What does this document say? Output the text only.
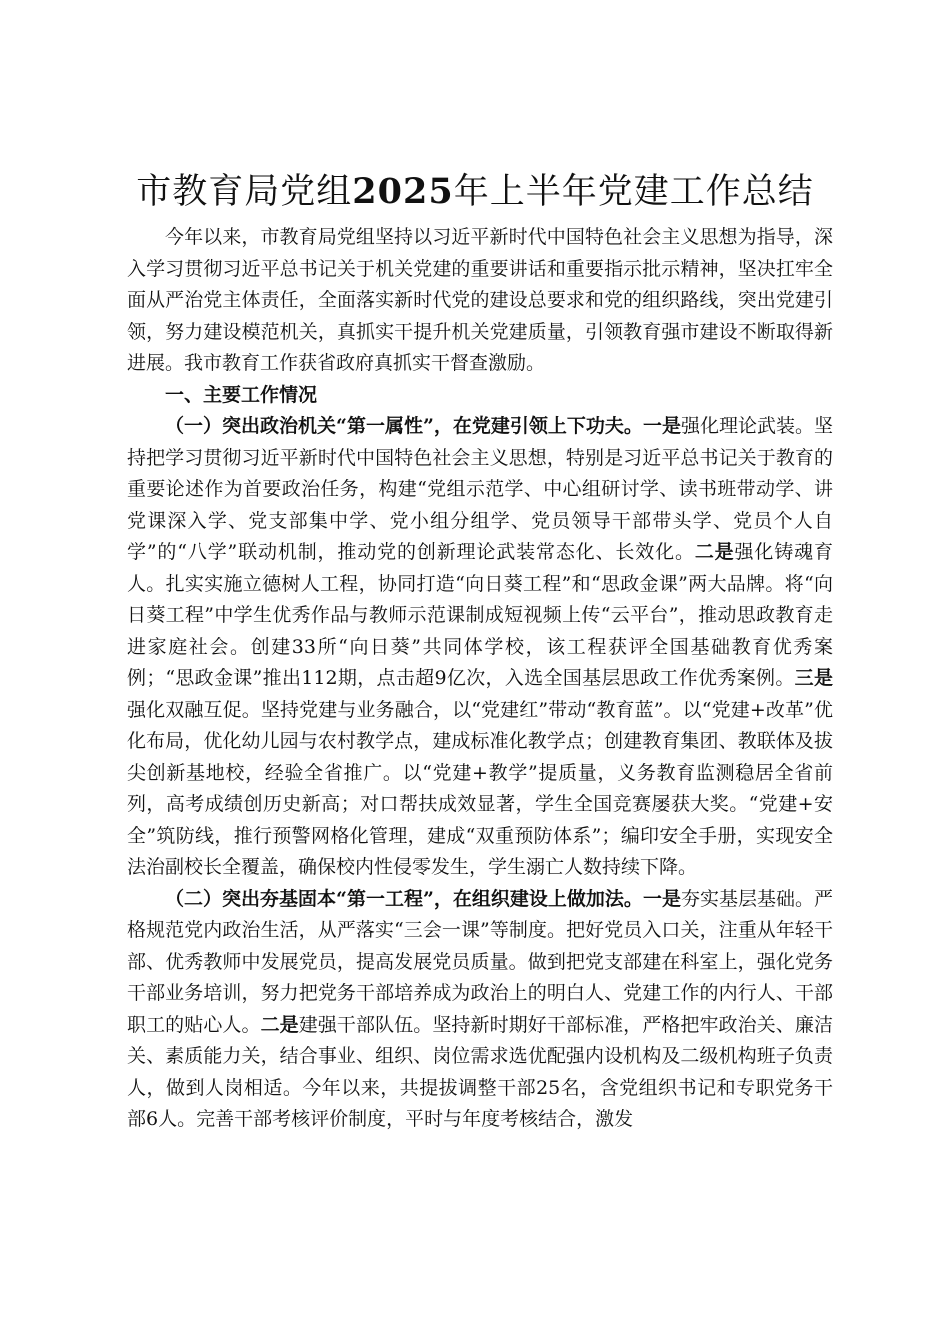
市教育局党组2025年上半年党建工作总结

今年以来，市教育局党组坚持以习近平新时代中国特色社会主义思想为指导，深入学习贯彻习近平总书记关于机关党建的重要讲话和重要指示批示精神，坚决扛牢全面从严治党主体责任，全面落实新时代党的建设总要求和党的组织路线，突出党建引领，努力建设模范机关，真抓实干提升机关党建质量，引领教育强市建设不断取得新进展。我市教育工作获省政府真抓实干督查激励。

一、主要工作情况

（一）突出政治机关“第一属性”，在党建引领上下功夫。一是强化理论武装。坚持把学习贯彻习近平新时代中国特色社会主义思想，特别是习近平总书记关于教育的重要论述作为首要政治任务，构建“党组示范学、中心组研讨学、读书班带动学、讲党课深入学、党支部集中学、党小组分组学、党员领导干部带头学、党员个人自学”的“八学”联动机制，推动党的创新理论武装常态化、长效化。二是强化铸魂育人。扎实实施立德树人工程，协同打造“向日葵工程”和“思政金课”两大品牌。将“向日葵工程”中学生优秀作品与教师示范课制成短视频上传“云平台”，推动思政教育走进家庭社会。创建33所“向日葵”共同体学校，该工程获评全国基础教育优秀案例；“思政金课”推出112期，点击超9亿次，入选全国基层思政工作优秀案例。三是强化双融互促。坚持党建与业务融合，以“党建红”带动“教育蓝”。以“党建+改革”优化布局，优化幼儿园与农村教学点，建成标准化教学点；创建教育集团、教联体及拔尖创新基地校，经验全省推广。以“党建+教学”提质量，义务教育监测稳居全省前列，高考成绩创历史新高；对口帮扶成效显著，学生全国竞赛屡获大奖。“党建+安全”筑防线，推行预警网格化管理，建成“双重预防体系”；编印安全手册，实现安全法治副校长全覆盖，确保校内性侵零发生，学生溺亡人数持续下降。

（二）突出夯基固本“第一工程”，在组织建设上做加法。一是夯实基层基础。严格规范党内政治生活，从严落实“三会一课”等制度。把好党员入口关，注重从年轻干部、优秀教师中发展党员，提高发展党员质量。做到把党支部建在科室上，强化党务干部业务培训，努力把党务干部培养成为政治上的明白人、党建工作的内行人、干部职工的贴心人。二是建强干部队伍。坚持新时期好干部标准，严格把牢政治关、廉洁关、素质能力关，结合事业、组织、岗位需求选优配强内设机构及二级机构班子负责人，做到人岗相适。今年以来，共提拔调整干部25名，含党组织书记和专职党务干部6人。完善干部考核评价制度，平时与年度考核结合，激发
